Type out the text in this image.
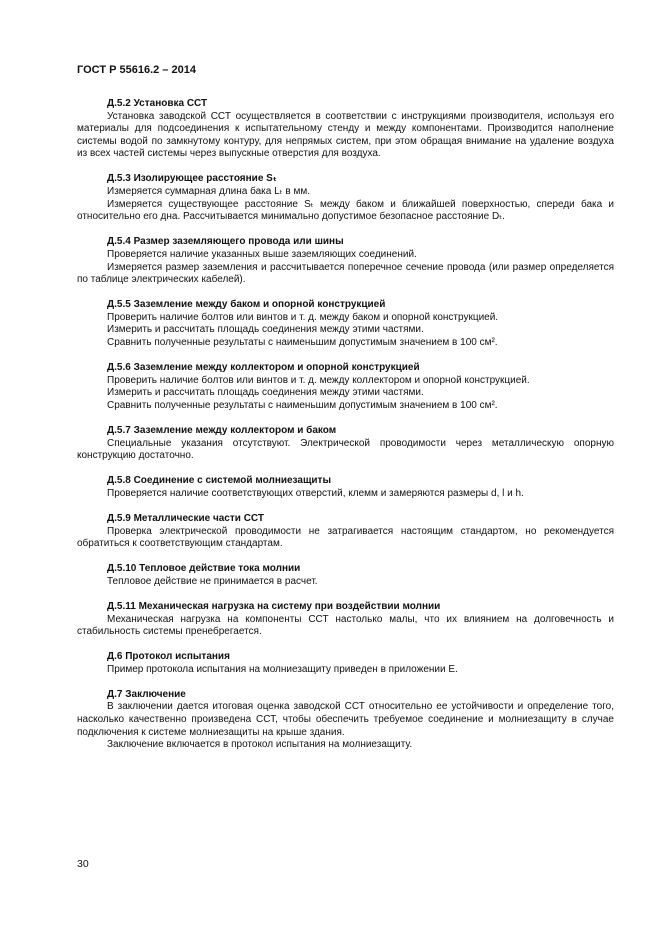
ГОСТ Р 55616.2 – 2014
Д.5.2 Установка ССТ

Установка заводской ССТ осуществляется в соответствии с инструкциями производителя, используя его материалы для подсоединения к испытательному стенду и между компонентами. Производится наполнение системы водой по замкнутому контуру, для непрямых систем, при этом обращая внимание на удаление воздуха из всех частей системы через выпускные отверстия для воздуха.

Д.5.3 Изолирующее расстояние Sₜ

Измеряется суммарная длина бака Lₜ в мм.

Измеряется существующее расстояние Sₜ между баком и ближайшей поверхностью, спереди бака и относительно его дна. Рассчитывается минимально допустимое безопасное расстояние Dₜ.

Д.5.4 Размер заземляющего провода или шины

Проверяется наличие указанных выше заземляющих соединений.

Измеряется размер заземления и рассчитывается поперечное сечение провода (или размер определяется по таблице электрических кабелей).

Д.5.5 Заземление между баком и опорной конструкцией

Проверить наличие болтов или винтов и т. д. между баком и опорной конструкцией.

Измерить и рассчитать площадь соединения между этими частями.

Сравнить полученные результаты с наименьшим допустимым значением в 100 см².

Д.5.6 Заземление между коллектором и опорной конструкцией

Проверить наличие болтов или винтов и т. д. между коллектором и опорной конструкцией.

Измерить и рассчитать площадь соединения между этими частями.

Сравнить полученные результаты с наименьшим допустимым значением в 100 см².

Д.5.7 Заземление между коллектором и баком

Специальные указания отсутствуют. Электрической проводимости через металлическую опорную конструкцию достаточно.

Д.5.8 Соединение с системой молниезащиты

Проверяется наличие соответствующих отверстий, клемм и замеряются размеры d, l и h.

Д.5.9 Металлические части ССТ

Проверка электрической проводимости не затрагивается настоящим стандартом, но рекомендуется обратиться к соответствующим стандартам.

Д.5.10 Тепловое действие тока молнии

Тепловое действие не принимается в расчет.

Д.5.11 Механическая нагрузка на систему при воздействии молнии

Механическая нагрузка на компоненты ССТ настолько малы, что их влиянием на долговечность и стабильность системы пренебрегается.

Д.6 Протокол испытания

Пример протокола испытания на молниезащиту приведен в приложении Е.

Д.7 Заключение

В заключении дается итоговая оценка заводской ССТ относительно ее устойчивости и определение того, насколько качественно произведена ССТ, чтобы обеспечить требуемое соединение и молниезащиту в случае подключения к системе молниезащиты на крыше здания.

Заключение включается в протокол испытания на молниезащиту.

30
